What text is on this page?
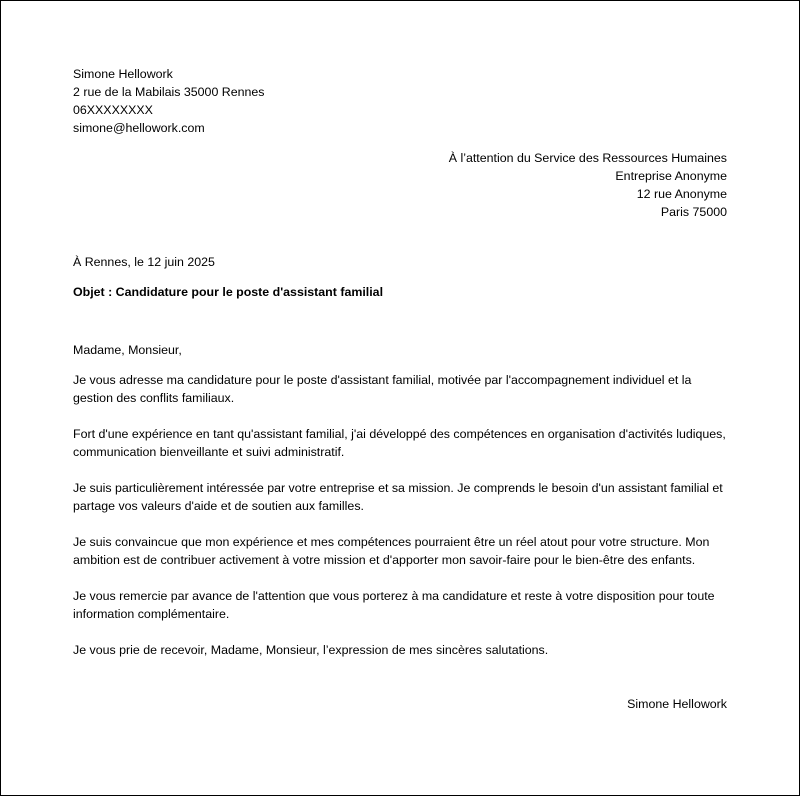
Simone Hellowork
2 rue de la Mabilais 35000 Rennes
06XXXXXXXX
simone@hellowork.com
À l’attention du Service des Ressources Humaines
Entreprise Anonyme
12 rue Anonyme
Paris 75000
À Rennes, le 12 juin 2025
Objet : Candidature pour le poste d'assistant familial
Madame, Monsieur,

Je vous adresse ma candidature pour le poste d'assistant familial, motivée par l'accompagnement individuel et la gestion des conflits familiaux.

Fort d'une expérience en tant qu'assistant familial, j'ai développé des compétences en organisation d'activités ludiques, communication bienveillante et suivi administratif.

Je suis particulièrement intéressée par votre entreprise et sa mission. Je comprends le besoin d'un assistant familial et partage vos valeurs d'aide et de soutien aux familles.

Je suis convaincue que mon expérience et mes compétences pourraient être un réel atout pour votre structure. Mon ambition est de contribuer activement à votre mission et d'apporter mon savoir-faire pour le bien-être des enfants.

Je vous remercie par avance de l'attention que vous porterez à ma candidature et reste à votre disposition pour toute information complémentaire.

Je vous prie de recevoir, Madame, Monsieur, l’expression de mes sincères salutations.

Simone Hellowork
